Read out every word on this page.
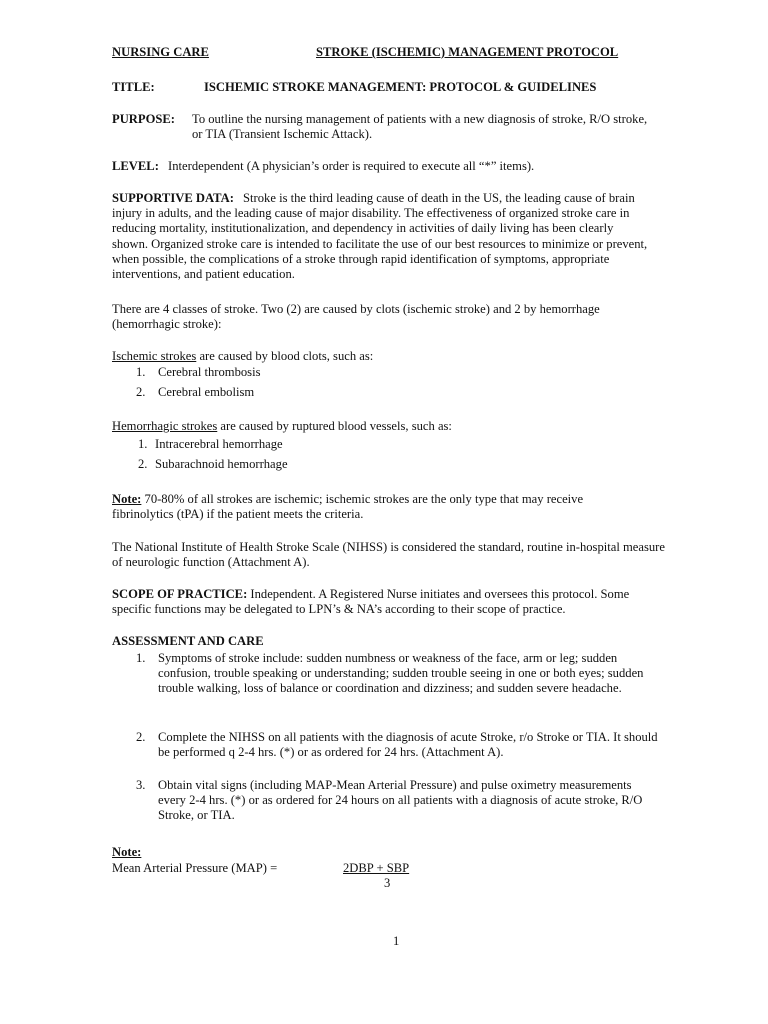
NURSING CARE	STROKE (ISCHEMIC) MANAGEMENT PROTOCOL
TITLE:	ISCHEMIC STROKE MANAGEMENT: PROTOCOL & GUIDELINES
PURPOSE: To outline the nursing management of patients with a new diagnosis of stroke, R/O stroke, or TIA (Transient Ischemic Attack).
LEVEL: Interdependent (A physician’s order is required to execute all “*” items).
SUPPORTIVE DATA: Stroke is the third leading cause of death in the US, the leading cause of brain injury in adults, and the leading cause of major disability. The effectiveness of organized stroke care in reducing mortality, institutionalization, and dependency in activities of daily living has been clearly shown. Organized stroke care is intended to facilitate the use of our best resources to minimize or prevent, when possible, the complications of a stroke through rapid identification of symptoms, appropriate interventions, and patient education.
There are 4 classes of stroke. Two (2) are caused by clots (ischemic stroke) and 2 by hemorrhage (hemorrhagic stroke):
Ischemic strokes are caused by blood clots, such as:
1. Cerebral thrombosis
2. Cerebral embolism
Hemorrhagic strokes are caused by ruptured blood vessels, such as:
1. Intracerebral hemorrhage
2. Subarachnoid hemorrhage
Note: 70-80% of all strokes are ischemic; ischemic strokes are the only type that may receive fibrinolytics (tPA) if the patient meets the criteria.
The National Institute of Health Stroke Scale (NIHSS) is considered the standard, routine in-hospital measure of neurologic function (Attachment A).
SCOPE OF PRACTICE: Independent. A Registered Nurse initiates and oversees this protocol. Some specific functions may be delegated to LPN’s & NA’s according to their scope of practice.
ASSESSMENT AND CARE
1. Symptoms of stroke include: sudden numbness or weakness of the face, arm or leg; sudden confusion, trouble speaking or understanding; sudden trouble seeing in one or both eyes; sudden trouble walking, loss of balance or coordination and dizziness; and sudden severe headache.
2. Complete the NIHSS on all patients with the diagnosis of acute Stroke, r/o Stroke or TIA. It should be performed q 2-4 hrs. (*) or as ordered for 24 hrs. (Attachment A).
3. Obtain vital signs (including MAP-Mean Arterial Pressure) and pulse oximetry measurements every 2-4 hrs. (*) or as ordered for 24 hours on all patients with a diagnosis of acute stroke, R/O Stroke, or TIA.
Note:
Mean Arterial Pressure (MAP) =	2DBP + SBP
3
1
